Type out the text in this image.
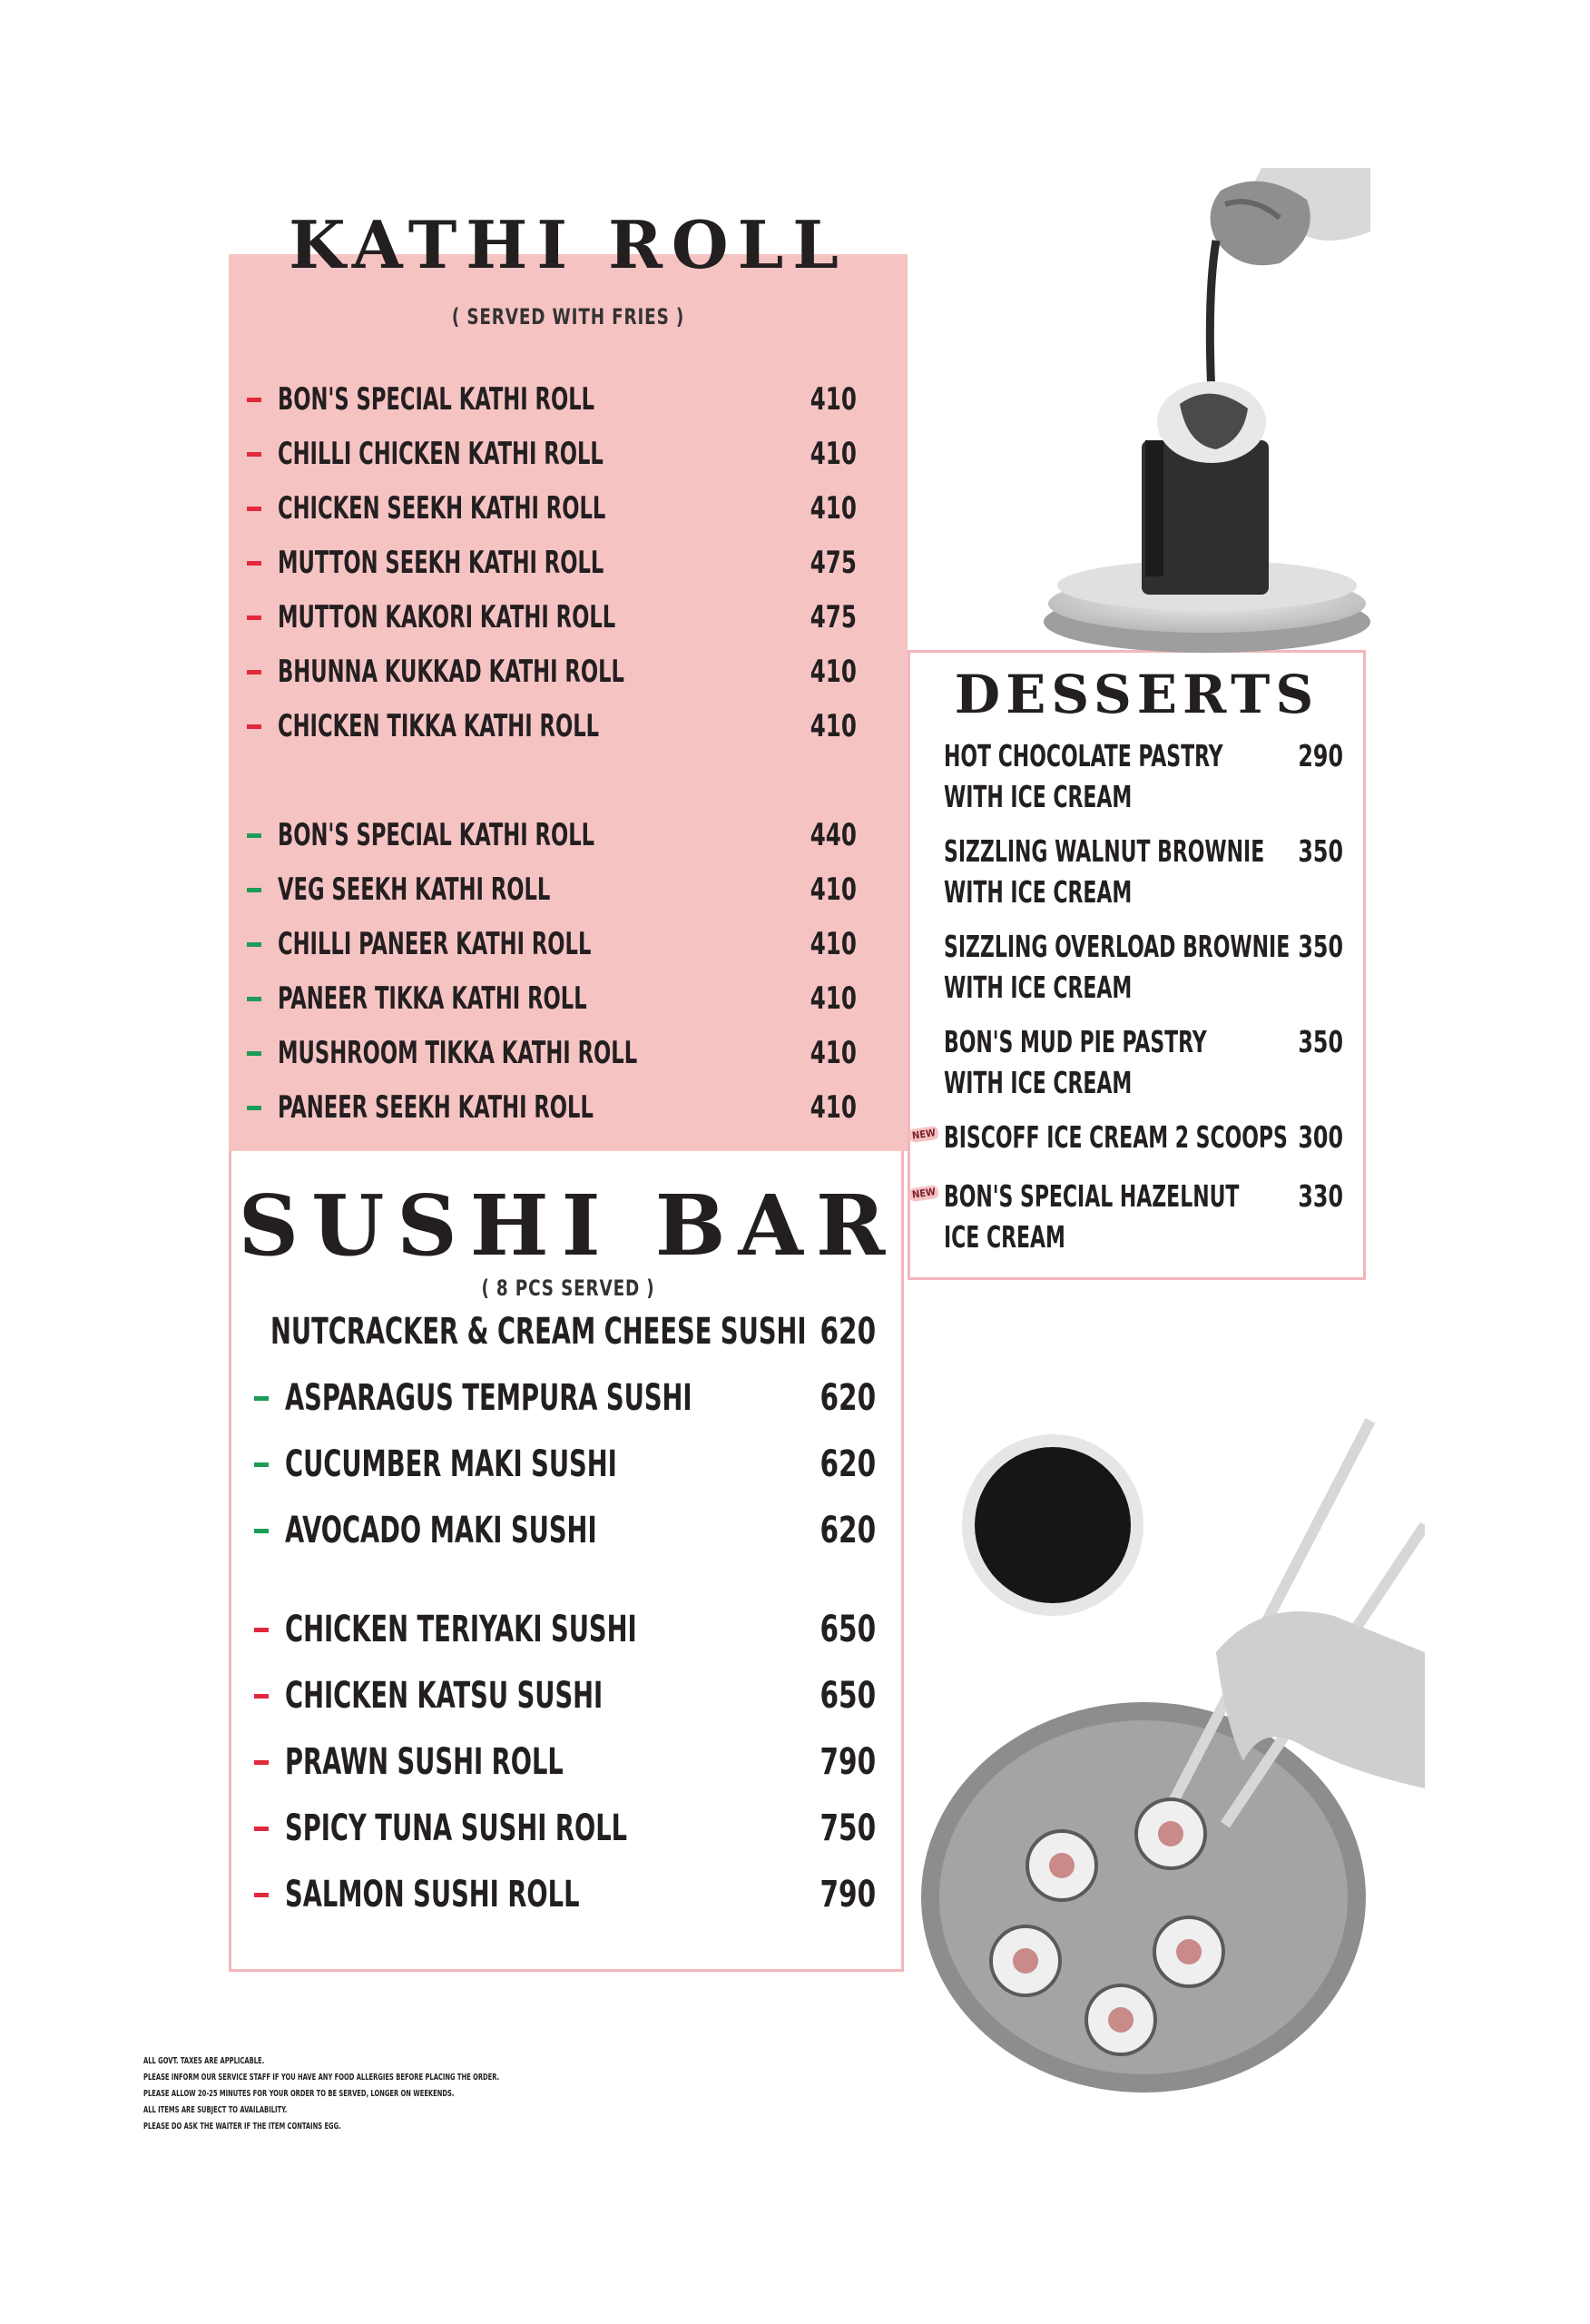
KATHI ROLL
( SERVED WITH FRIES )
BON'S SPECIAL KATHI ROLL	410
CHILLI CHICKEN KATHI ROLL	410
CHICKEN SEEKH KATHI ROLL	410
MUTTON SEEKH KATHI ROLL	475
MUTTON KAKORI KATHI ROLL	475
BHUNNA KUKKAD KATHI ROLL	410
CHICKEN TIKKA KATHI ROLL	410
BON'S SPECIAL KATHI ROLL	440
VEG SEEKH KATHI ROLL	410
CHILLI PANEER KATHI ROLL	410
PANEER TIKKA KATHI ROLL	410
MUSHROOM TIKKA KATHI ROLL	410
PANEER SEEKH KATHI ROLL	410
SUSHI BAR
( 8 PCS SERVED )
NUTCRACKER & CREAM CHEESE SUSHI 620
ASPARAGUS TEMPURA SUSHI	620
CUCUMBER MAKI SUSHI	620
AVOCADO MAKI SUSHI	620
CHICKEN TERIYAKI SUSHI	650
CHICKEN KATSU SUSHI	650
PRAWN SUSHI ROLL	790
SPICY TUNA SUSHI ROLL	750
SALMON SUSHI ROLL	790
DESSERTS
HOT CHOCOLATE PASTRY
WITH ICE CREAM
290
SIZZLING WALNUT BROWNIE
WITH ICE CREAM
350
SIZZLING OVERLOAD BROWNIE
WITH ICE CREAM
350
BON'S MUD PIE PASTRY
WITH ICE CREAM
350
BISCOFF ICE CREAM 2 SCOOPS 300
NEW
BON'S SPECIAL HAZELNUT
ICE CREAM
330
NEW
ALL GOVT. TAXES ARE APPLICABLE.
PLEASE INFORM OUR SERVICE STAFF IF YOU HAVE ANY FOOD ALLERGIES BEFORE PLACING THE ORDER.
PLEASE ALLOW 20-25 MINUTES FOR YOUR ORDER TO BE SERVED, LONGER ON WEEKENDS.
ALL ITEMS ARE SUBJECT TO AVAILABILITY.
PLEASE DO ASK THE WAITER IF THE ITEM CONTAINS EGG.
